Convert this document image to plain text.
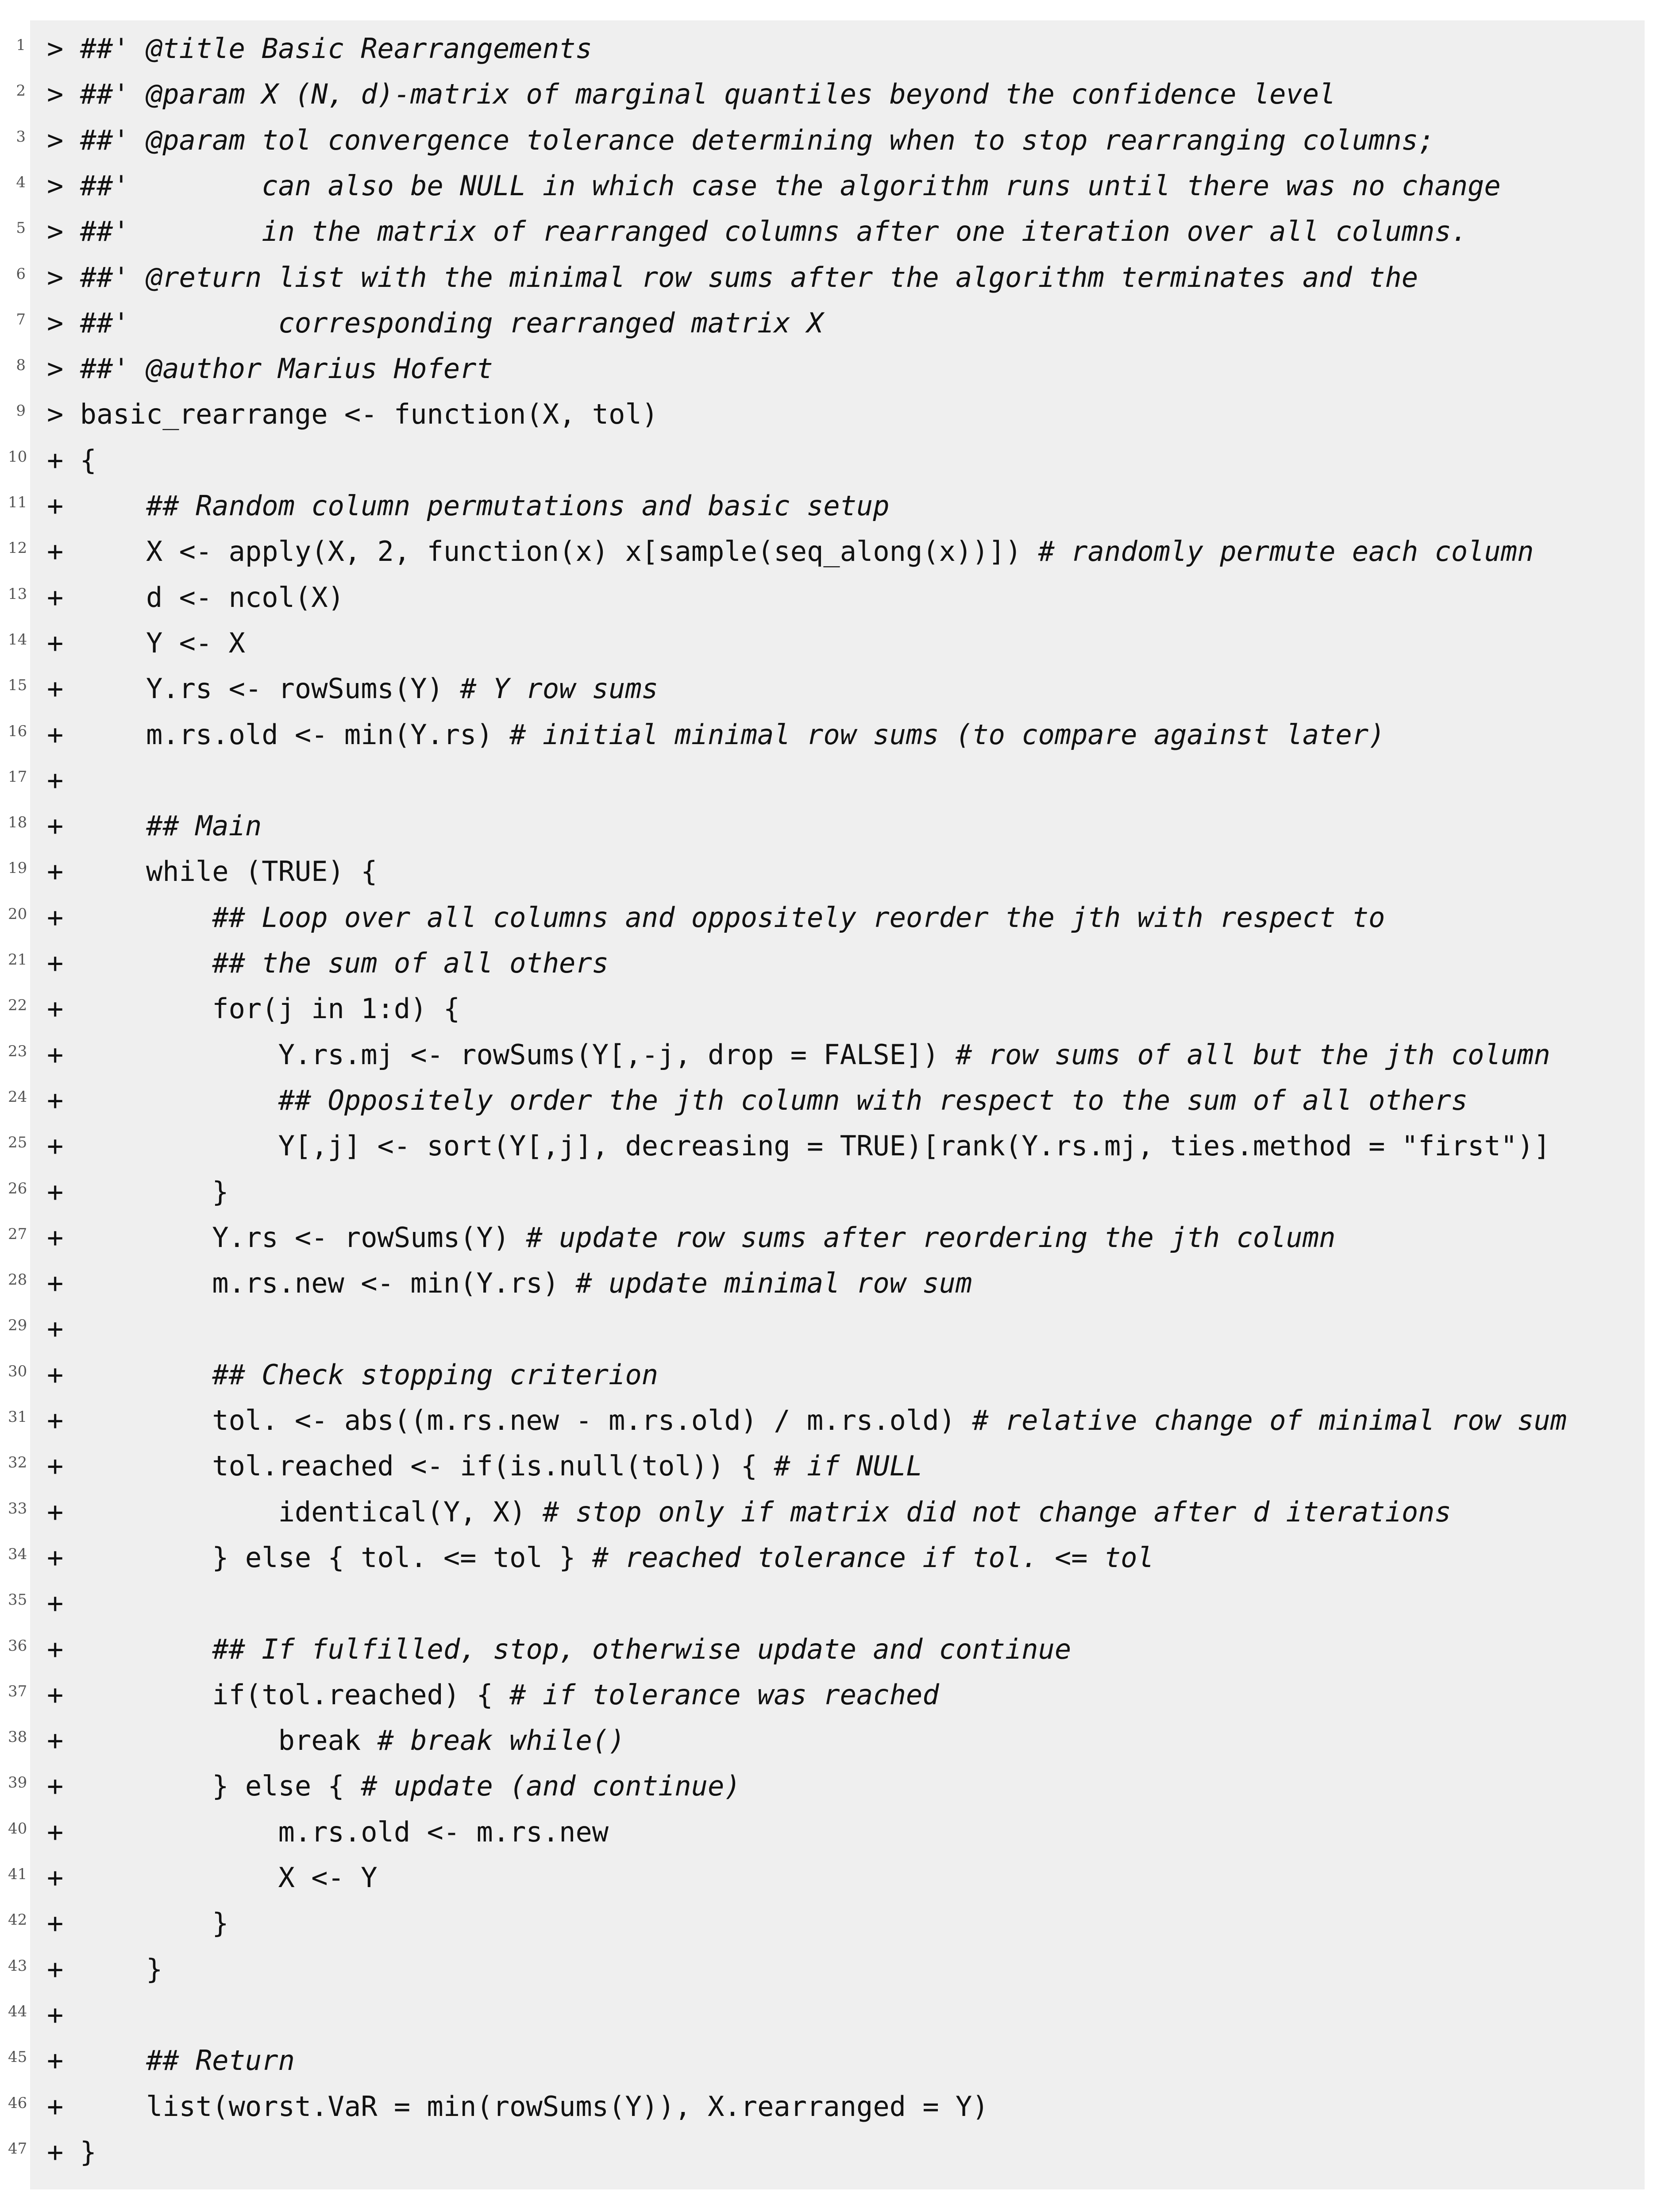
1 > ##' @title Basic Rearrangements
2 > ##' @param X (N, d)-matrix of marginal quantiles beyond the confidence level
3 > ##' @param tol convergence tolerance determining when to stop rearranging columns;
4 > ##'        can also be NULL in which case the algorithm runs until there was no change
5 > ##'        in the matrix of rearranged columns after one iteration over all columns.
6 > ##' @return list with the minimal row sums after the algorithm terminates and the
7 > ##'         corresponding rearranged matrix X
8 > ##' @author Marius Hofert
9 > basic_rearrange <- function(X, tol)
10 + {
11 +     ## Random column permutations and basic setup
12 +     X <- apply(X, 2, function(x) x[sample(seq_along(x))]) # randomly permute each column
13 +     d <- ncol(X)
14 +     Y <- X
15 +     Y.rs <- rowSums(Y) # Y row sums
16 +     m.rs.old <- min(Y.rs) # initial minimal row sums (to compare against later)
17 +
18 +     ## Main
19 +     while (TRUE) {
20 +         ## Loop over all columns and oppositely reorder the jth with respect to
21 +         ## the sum of all others
22 +         for(j in 1:d) {
23 +             Y.rs.mj <- rowSums(Y[,-j, drop = FALSE]) # row sums of all but the jth column
24 +             ## Oppositely order the jth column with respect to the sum of all others
25 +             Y[,j] <- sort(Y[,j], decreasing = TRUE)[rank(Y.rs.mj, ties.method = "first")]
26 +         }
27 +         Y.rs <- rowSums(Y) # update row sums after reordering the jth column
28 +         m.rs.new <- min(Y.rs) # update minimal row sum
29 +
30 +         ## Check stopping criterion
31 +         tol. <- abs((m.rs.new - m.rs.old) / m.rs.old) # relative change of minimal row sum
32 +         tol.reached <- if(is.null(tol)) { # if NULL
33 +             identical(Y, X) # stop only if matrix did not change after d iterations
34 +         } else { tol. <= tol } # reached tolerance if tol. <= tol
35 +
36 +         ## If fulfilled, stop, otherwise update and continue
37 +         if(tol.reached) { # if tolerance was reached
38 +             break # break while()
39 +         } else { # update (and continue)
40 +             m.rs.old <- m.rs.new
41 +             X <- Y
42 +         }
43 +     }
44 +
45 +     ## Return
46 +     list(worst.VaR = min(rowSums(Y)), X.rearranged = Y)
47 + }
